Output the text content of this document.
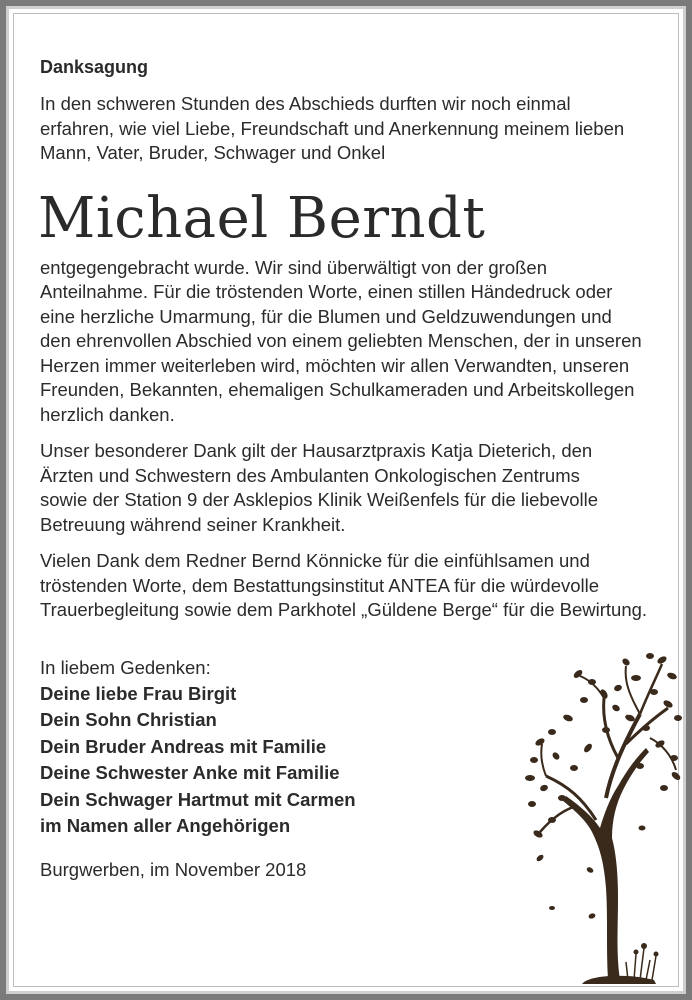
Danksagung

In den schweren Stunden des Abschieds durften wir noch einmal erfahren, wie viel Liebe, Freundschaft und Anerkennung meinem lieben Mann, Vater, Bruder, Schwager und Onkel

Michael Berndt

entgegengebracht wurde. Wir sind überwältigt von der großen Anteilnahme. Für die tröstenden Worte, einen stillen Händedruck oder eine herzliche Umarmung, für die Blumen und Geldzuwendungen und den ehrenvollen Abschied von einem geliebten Menschen, der in unseren Herzen immer weiterleben wird, möchten wir allen Verwandten, unseren Freunden, Bekannten, ehemaligen Schulkameraden und Arbeitskollegen herzlich danken.

Unser besonderer Dank gilt der Hausarztpraxis Katja Dieterich, den Ärzten und Schwestern des Ambulanten Onkologischen Zentrums sowie der Station 9 der Asklepios Klinik Weißenfels für die liebevolle Betreuung während seiner Krankheit.

Vielen Dank dem Redner Bernd Könnicke für die einfühlsamen und tröstenden Worte, dem Bestattungsinstitut ANTEA für die würdevolle Trauerbegleitung sowie dem Parkhotel „Güldene Berge“ für die Bewirtung.

In liebem Gedenken:

Deine liebe Frau Birgit

Dein Sohn Christian

Dein Bruder Andreas mit Familie

Deine Schwester Anke mit Familie

Dein Schwager Hartmut mit Carmen

im Namen aller Angehörigen

Burgwerben, im November 2018
